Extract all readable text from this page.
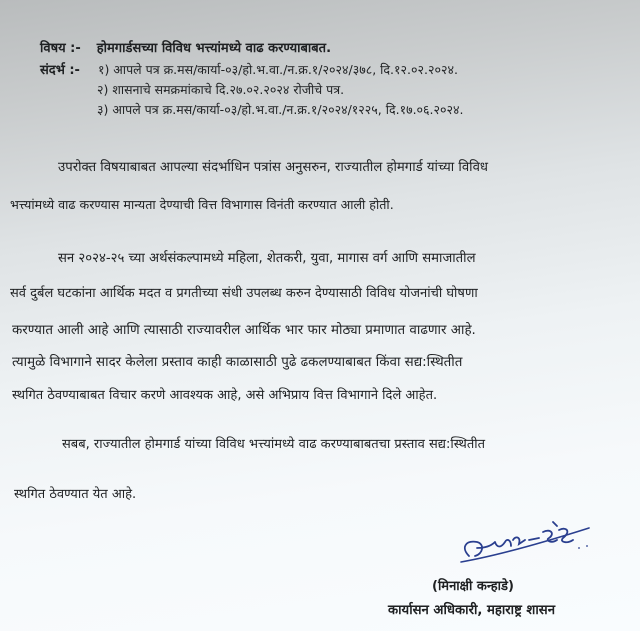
विषय :- होमगार्डसच्या विविध भत्त्यांमध्ये वाढ करण्याबाबत.
संदर्भ :- १) आपले पत्र क्र.मस/कार्या-०३/हो.भ.वा./न.क्र.१/२०२४/३७८, दि.१२.०२.२०२४.
२) शासनाचे समक्रमांकाचे दि.२७.०२.२०२४ रोजीचे पत्र.
३) आपले पत्र क्र.मस/कार्या-०३/हो.भ.वा./न.क्र.१/२०२४/१२२५, दि.१७.०६.२०२४.
उपरोक्त विषयाबाबत आपल्या संदर्भाधिन पत्रांस अनुसरुन, राज्यातील होमगार्ड यांच्या विविध
भत्त्यांमध्ये वाढ करण्यास मान्यता देण्याची वित्त विभागास विनंती करण्यात आली होती.
सन २०२४-२५ च्या अर्थसंकल्पामध्ये महिला, शेतकरी, युवा, मागास वर्ग आणि समाजातील
सर्व दुर्बल घटकांना आर्थिक मदत व प्रगतीच्या संधी उपलब्ध करुन देण्यासाठी विविध योजनांची घोषणा
करण्यात आली आहे आणि त्यासाठी राज्यावरील आर्थिक भार फार मोठ्या प्रमाणात वाढणार आहे.
त्यामुळे विभागाने सादर केलेला प्रस्ताव काही काळासाठी पुढे ढकलण्याबाबत किंवा सद्य:स्थितीत
स्थगित ठेवण्याबाबत विचार करणे आवश्यक आहे, असे अभिप्राय वित्त विभागाने दिले आहेत.
सबब, राज्यातील होमगार्ड यांच्या विविध भत्त्यांमध्ये वाढ करण्याबाबतचा प्रस्ताव सद्य:स्थितीत
स्थगित ठेवण्यात येत आहे.
(मिनाक्षी कन्हाडे)
कार्यासन अधिकारी, महाराष्ट्र शासन
